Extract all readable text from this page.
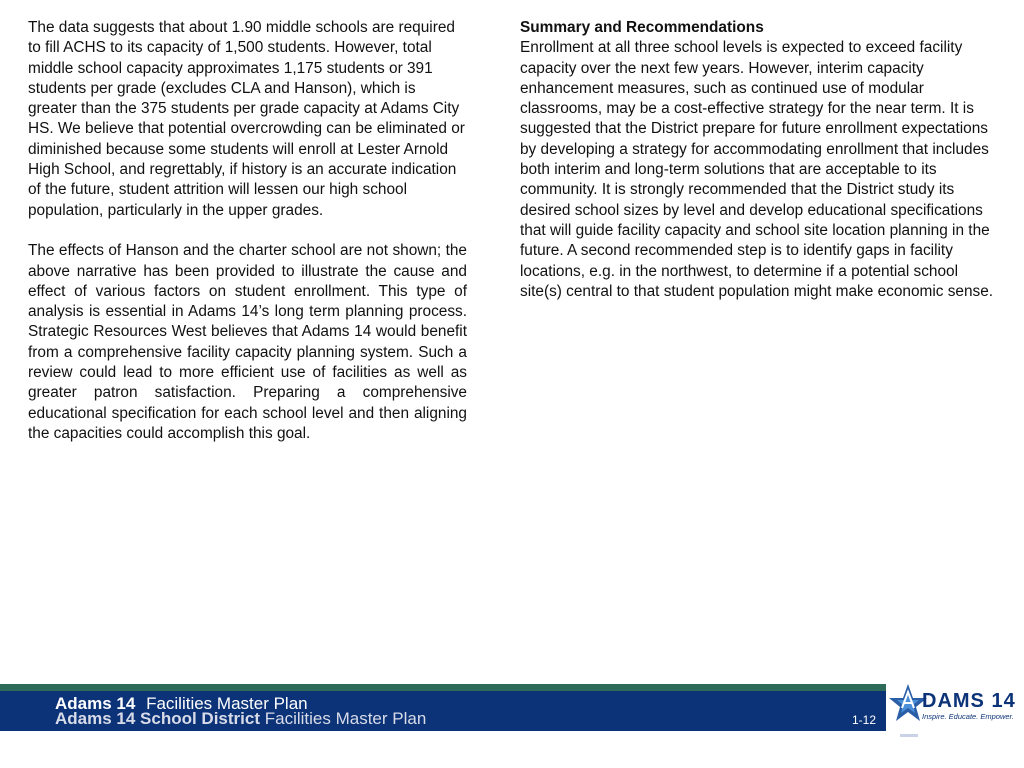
The data suggests that about 1.90 middle schools are required to fill ACHS to its capacity of 1,500 students. However, total middle school capacity approximates 1,175 students or 391 students per grade (excludes CLA and Hanson), which is greater than the 375 students per grade capacity at Adams City HS. We believe that potential overcrowding can be eliminated or diminished because some students will enroll at Lester Arnold High School, and regrettably, if history is an accurate indication of the future, student attrition will lessen our high school population, particularly in the upper grades.

The effects of Hanson and the charter school are not shown; the above narrative has been provided to illustrate the cause and effect of various factors on student enrollment. This type of analysis is essential in Adams 14’s long term planning process. Strategic Resources West believes that Adams 14 would benefit from a comprehensive facility capacity planning system. Such a review could lead to more efficient use of facilities as well as greater patron satisfaction. Preparing a comprehensive educational specification for each school level and then aligning the capacities could accomplish this goal.

Summary and Recommendations

Enrollment at all three school levels is expected to exceed facility capacity over the next few years. However, interim capacity enhancement measures, such as continued use of modular classrooms, may be a cost-effective strategy for the near term. It is suggested that the District prepare for future enrollment expectations by developing a strategy for accommodating enrollment that includes both interim and long-term solutions that are acceptable to its community. It is strongly recommended that the District study its desired school sizes by level and develop educational specifications that will guide facility capacity and school site location planning in the future. A second recommended step is to identify gaps in facility locations, e.g. in the northwest, to determine if a potential school site(s) central to that student population might make economic sense.

Adams 14 School District Facilities Master Plan
Adams 14 Facilities Master Plan
1-12
DAMS 14
Inspire. Educate. Empower.
